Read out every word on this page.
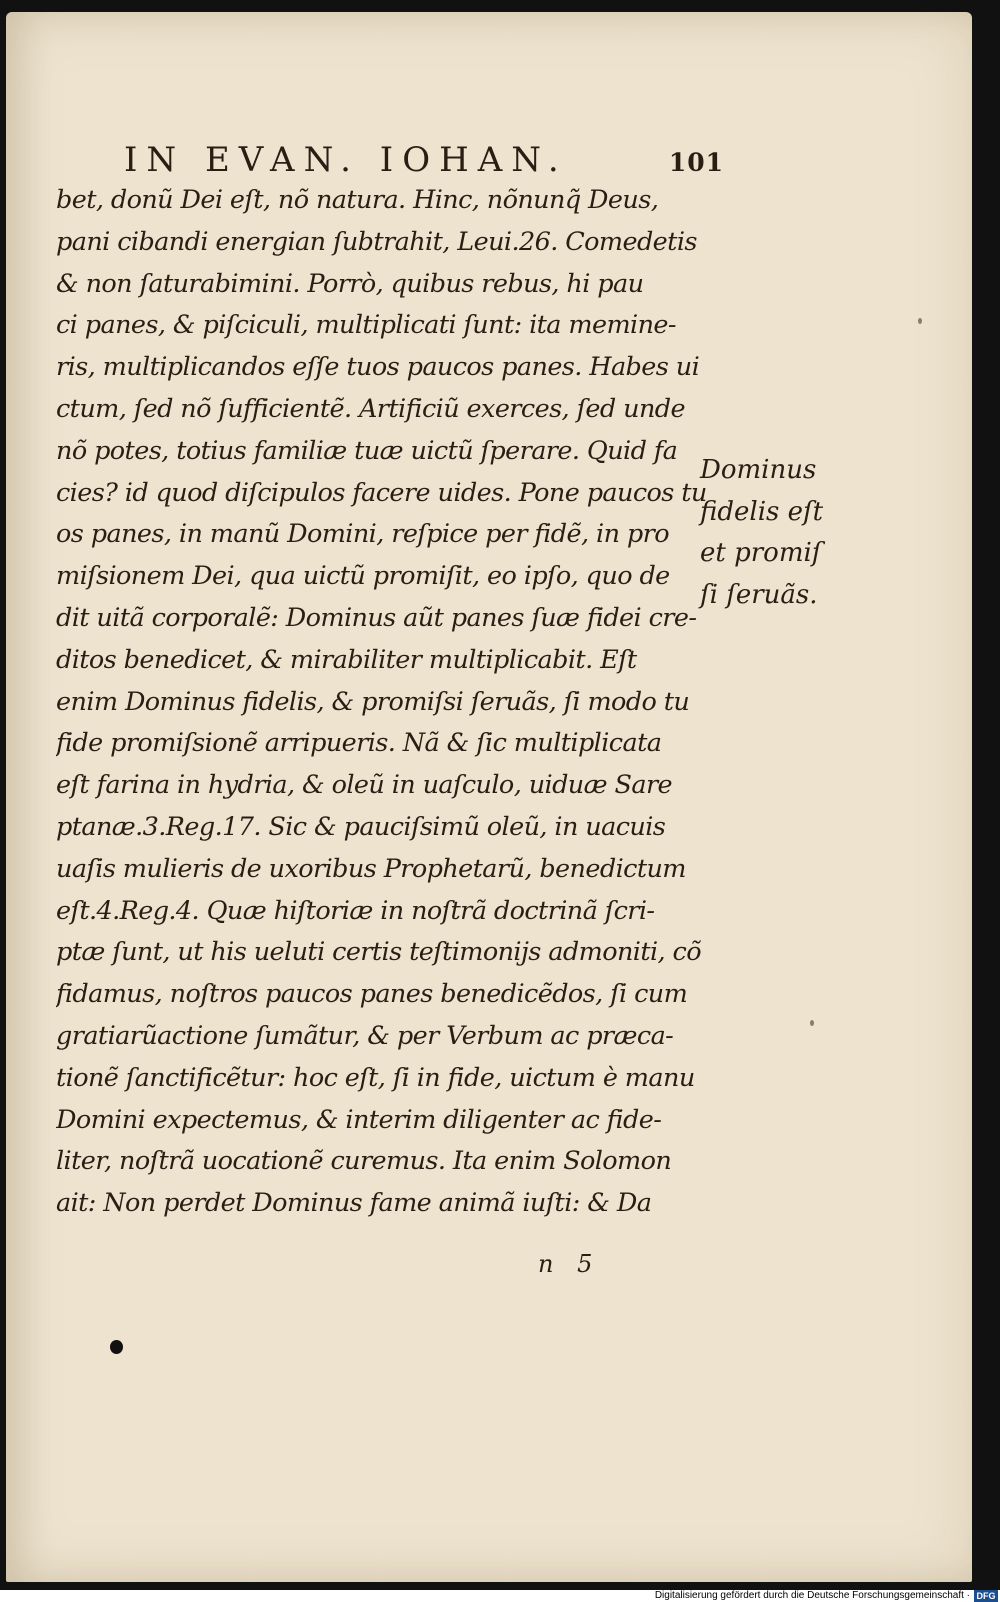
IN EVAN. IOHAN.	101
bet, donũ Dei eſt, nõ natura. Hinc, nõnunq̃ Deus,
pani cibandi energian ſubtrahit, Leui.26. Comedetis
& non ſaturabimini. Porrò, quibus rebus, hi pau
ci panes, & piſciculi, multiplicati ſunt: ita memine-
ris, multiplicandos eſſe tuos paucos panes. Habes ui
ctum, ſed nõ ſufficientẽ. Artificiũ exerces, ſed unde
nõ potes, totius familiæ tuæ uictũ ſperare. Quid fa
cies? id quod diſcipulos facere uides. Pone paucos tu
os panes, in manũ Domini, reſpice per fidẽ, in pro
miſsionem Dei, qua uictũ promiſit, eo ipſo, quo de
dit uitã corporalẽ: Dominus aũt panes ſuæ fidei cre-
ditos benedicet, & mirabiliter multiplicabit. Eſt
enim Dominus fidelis, & promiſsi ſeruãs, ſi modo tu
fide promiſsionẽ arripueris. Nã & ſic multiplicata
eſt farina in hydria, & oleũ in uaſculo, uiduæ Sare
ptanæ.3.Reg.17. Sic & pauciſsimũ oleũ, in uacuis
uaſis mulieris de uxoribus Prophetarũ, benedictum
eſt.4.Reg.4. Quæ hiſtoriæ in noſtrã doctrinã ſcri-
ptæ ſunt, ut his ueluti certis teſtimonijs admoniti, cõ
fidamus, noſtros paucos panes benedicẽdos, ſi cum
gratiarũactione ſumãtur, & per Verbum ac præca-
tionẽ ſanctificẽtur: hoc eſt, ſi in fide, uictum è manu
Domini expectemus, & interim diligenter ac fide-
liter, noſtrã uocationẽ curemus. Ita enim Solomon
ait: Non perdet Dominus fame animã iuſti: & Da
Dominus
fidelis eſt
et promiſ
ſi ſeruãs.
n 5
Digitalisierung gefördert durch die Deutsche Forschungsgemeinschaft · DFG
